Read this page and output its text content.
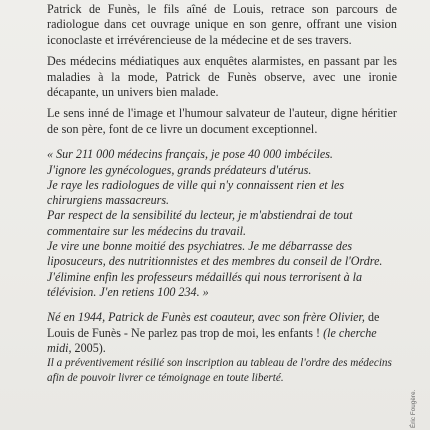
Patrick de Funès, le fils aîné de Louis, retrace son parcours de radiologue dans cet ouvrage unique en son genre, offrant une vision iconoclaste et irrévérencieuse de la médecine et de ses travers.

Des médecins médiatiques aux enquêtes alarmistes, en passant par les maladies à la mode, Patrick de Funès observe, avec une ironie décapante, un univers bien malade.

Le sens inné de l'image et l'humour salvateur de l'auteur, digne héritier de son père, font de ce livre un document exceptionnel.

« Sur 211 000 médecins français, je pose 40 000 imbéciles.

J'ignore les gynécologues, grands prédateurs d'utérus.

Je raye les radiologues de ville qui n'y connaissent rien et les chirurgiens massacreurs.

Par respect de la sensibilité du lecteur, je m'abstiendrai de tout commentaire sur les médecins du travail.

Je vire une bonne moitié des psychiatres. Je me débarrasse des liposuceurs, des nutritionnistes et des membres du conseil de l'Ordre.

J'élimine enfin les professeurs médaillés qui nous terrorisent à la télévision. J'en retiens 100 234. »

Né en 1944, Patrick de Funès est coauteur, avec son frère Olivier, de Louis de Funès - Ne parlez pas trop de moi, les enfants ! (le cherche midi, 2005).

Il a préventivement résilié son inscription au tableau de l'ordre des médecins afin de pouvoir livrer ce témoignage en toute liberté.

Éric Fougère.
